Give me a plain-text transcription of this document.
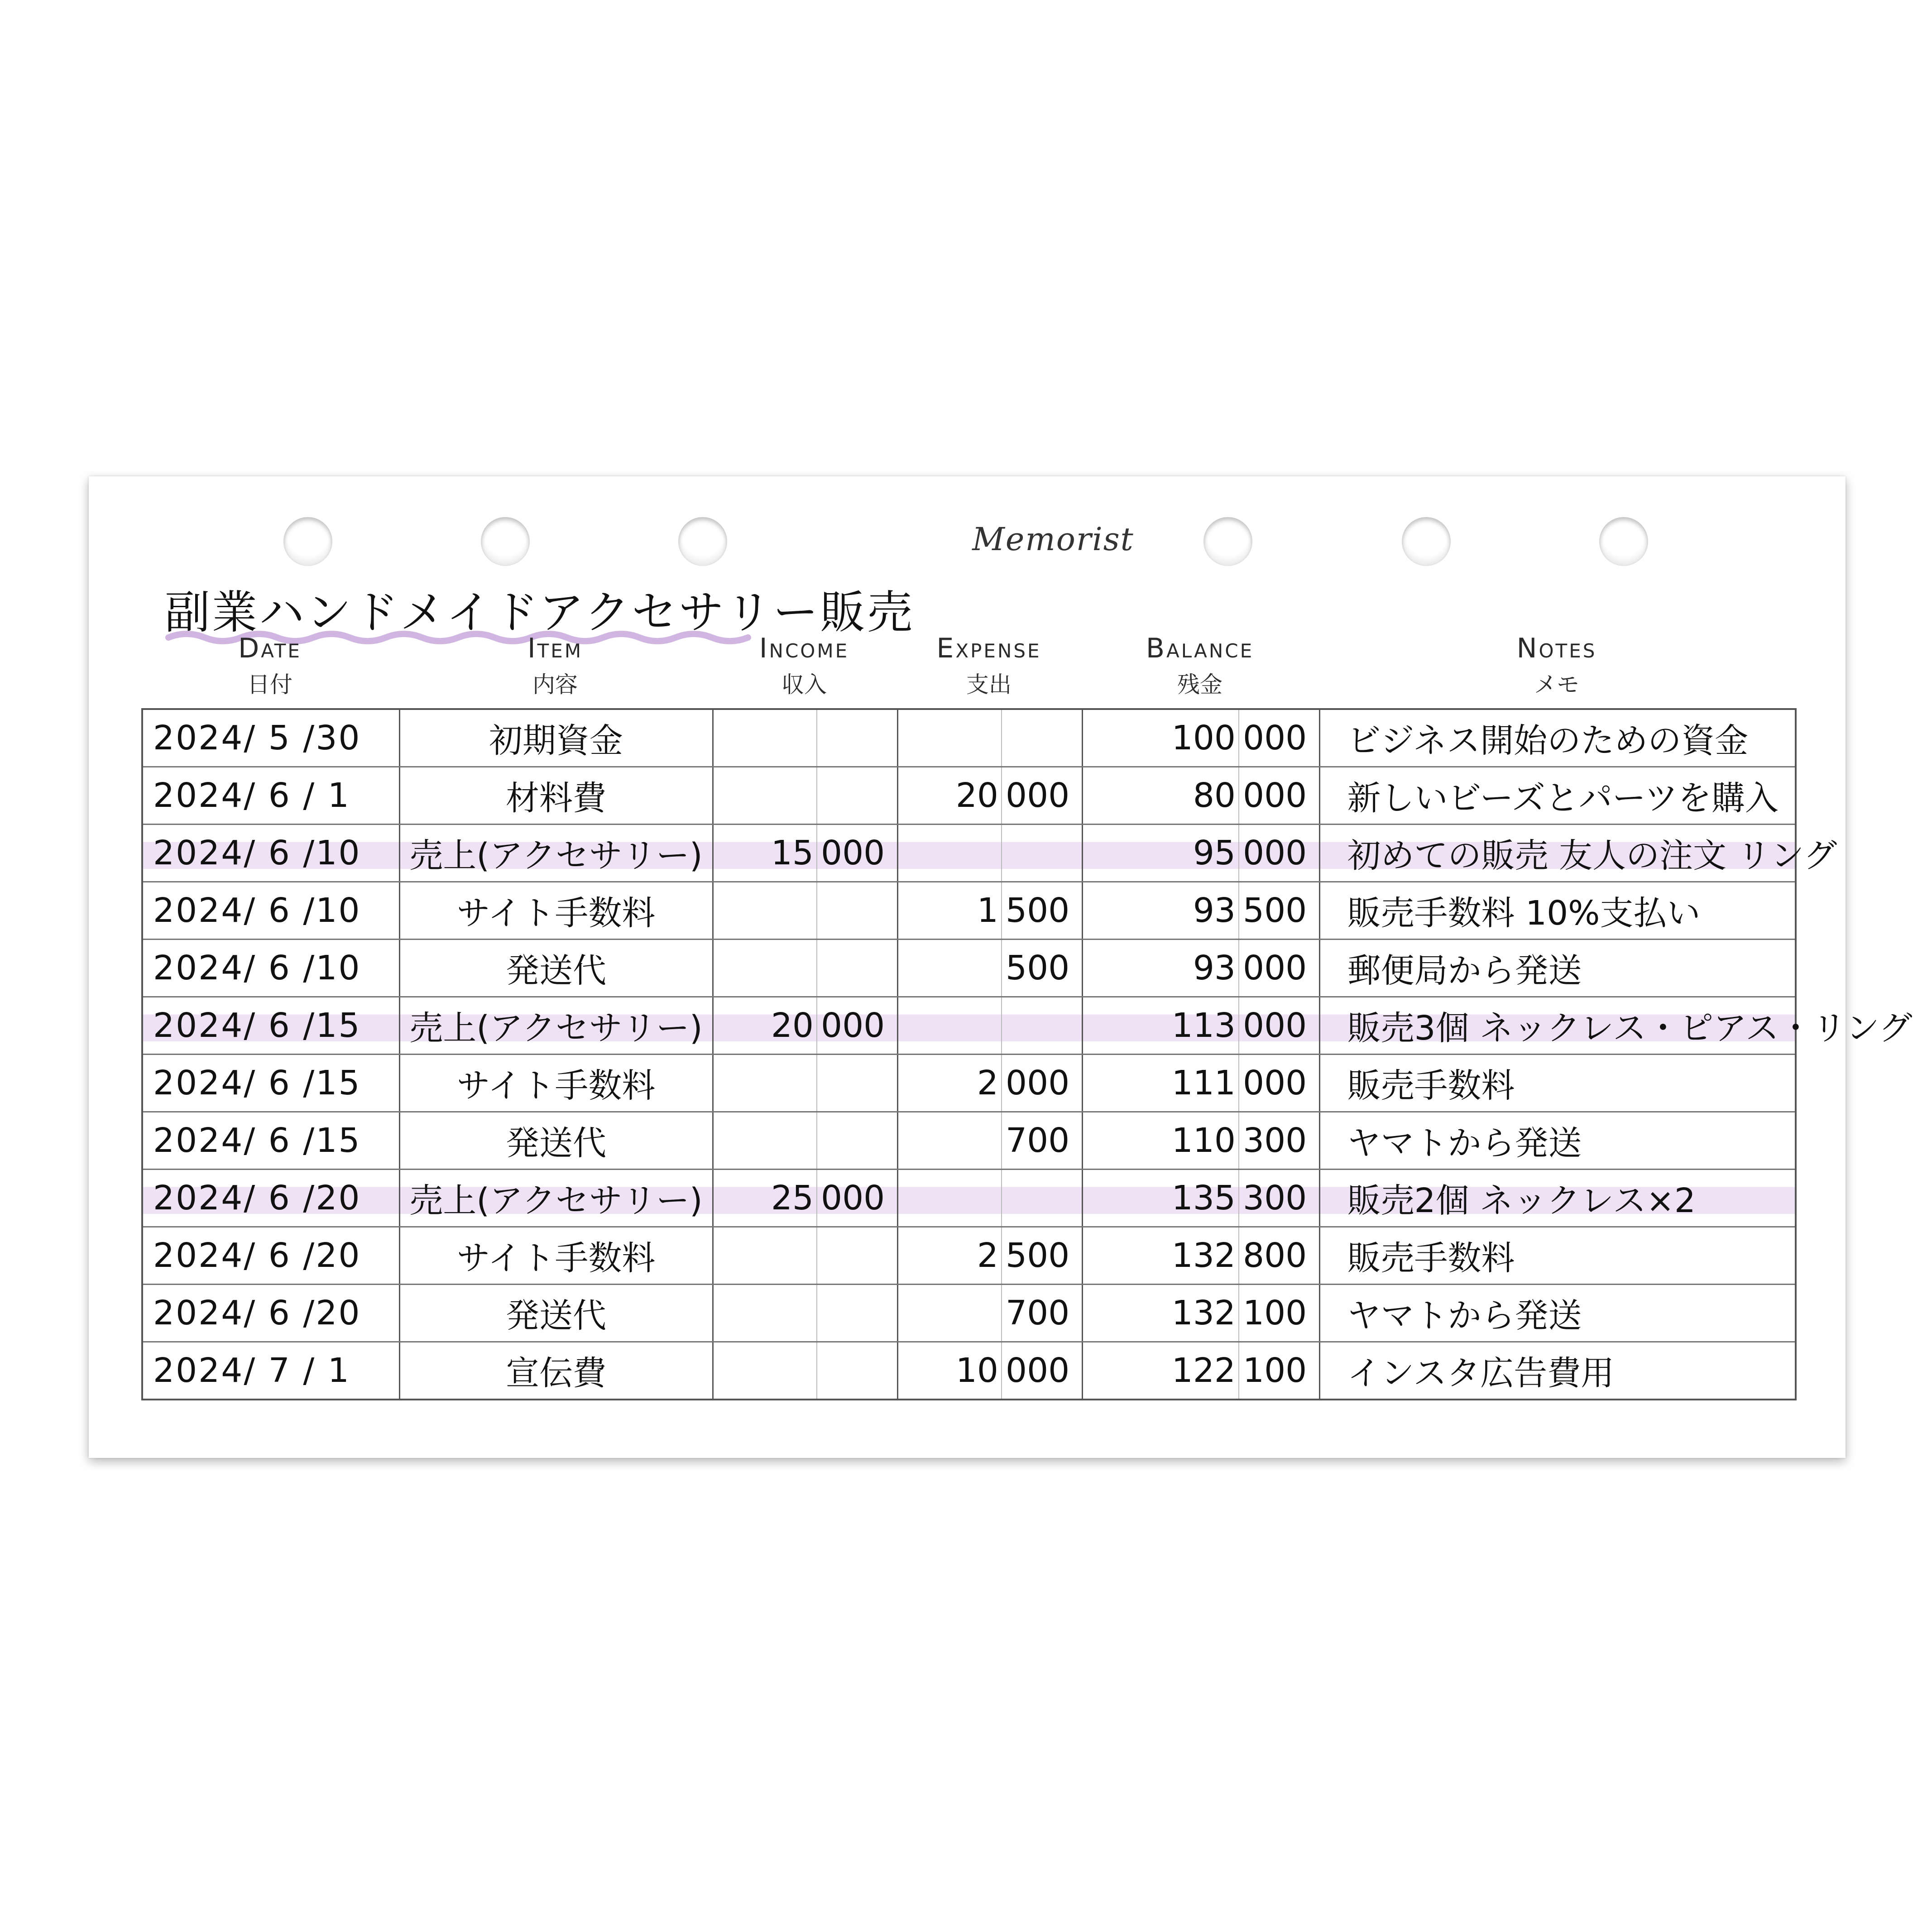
Memorist
副業ハンドメイドアクセサリー販売
Date
日付
Item
内容
Income
収入
Expense
支出
Balance
残金
Notes
メモ
2024/ 5 /30	初期資金					100	000	ビジネス開始のための資金
2024/ 6 / 1	材料費			20	000	80	000	新しいビーズとパーツを購入
2024/ 6 /10	売上(アクセサリー)	15	000			95	000	初めての販売 友人の注文 リング
2024/ 6 /10	サイト手数料			1	500	93	500	販売手数料 10%支払い
2024/ 6 /10	発送代				500	93	000	郵便局から発送
2024/ 6 /15	売上(アクセサリー)	20	000			113	000	販売3個 ネックレス・ピアス・リング
2024/ 6 /15	サイト手数料			2	000	111	000	販売手数料
2024/ 6 /15	発送代				700	110	300	ヤマトから発送
2024/ 6 /20	売上(アクセサリー)	25	000			135	300	販売2個 ネックレス×2
2024/ 6 /20	サイト手数料			2	500	132	800	販売手数料
2024/ 6 /20	発送代				700	132	100	ヤマトから発送
2024/ 7 / 1	宣伝費			10	000	122	100	インスタ広告費用
